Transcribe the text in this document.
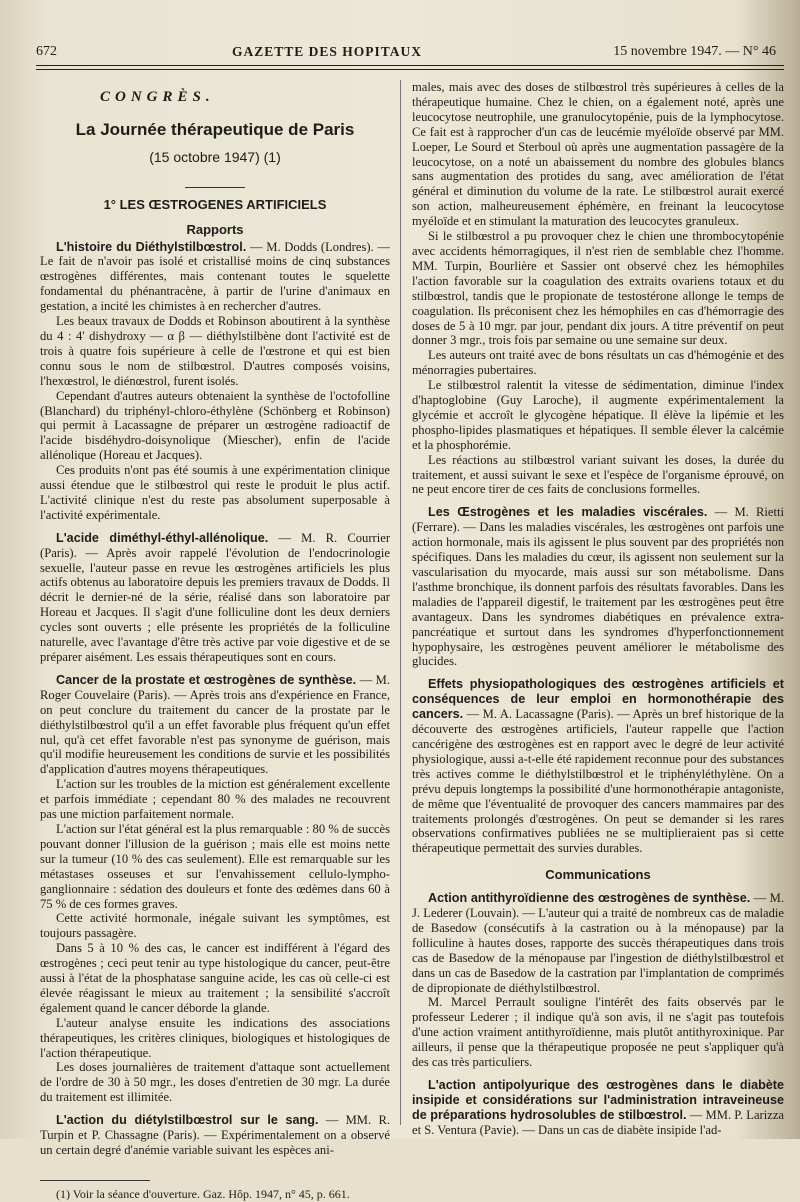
672	GAZETTE DES HOPITAUX	15 novembre 1947. — N° 46
CONGRÈS.
La Journée thérapeutique de Paris
(15 octobre 1947) (1)
1° LES ŒSTROGENES ARTIFICIELS
Rapports

L'histoire du Diéthylstilbœstrol. — M. Dodds (Londres). — Le fait de n'avoir pas isolé et cristallisé moins de cinq substances œstrogènes différentes, mais contenant toutes le squelette fondamental du phénantracène, à partir de l'urine d'animaux en gestation, a incité les chimistes à en rechercher d'autres.

Les beaux travaux de Dodds et Robinson aboutirent à la synthèse du 4 : 4' dishydroxy — α β — diéthylstilbène dont l'activité est de trois à quatre fois supérieure à celle de l'œstrone et qui est bien connu sous le nom de stilbœstrol. D'autres composés voisins, l'hexœstrol, le diénœstrol, furent isolés.

Cependant d'autres auteurs obtenaient la synthèse de l'octofolline (Blanchard) du triphényl-chloro-éthylène (Schönberg et Robinson) qui permit à Lacassagne de préparer un œstrogène radioactif de l'acide bisdéhydro-doisynolique (Miescher), enfin de l'acide allénolique (Horeau et Jacques).

Ces produits n'ont pas été soumis à une expérimentation clinique aussi étendue que le stilbœstrol qui reste le produit le plus actif. L'activité clinique n'est du reste pas absolument superposable à l'activité expérimentale.

L'acide diméthyl-éthyl-allénolique. — M. R. Courrier (Paris). — Après avoir rappelé l'évolution de l'endocrinologie sexuelle, l'auteur passe en revue les œstrogènes artificiels les plus actifs obtenus au laboratoire depuis les premiers travaux de Dodds. Il décrit le dernier-né de la série, réalisé dans son laboratoire par Horeau et Jacques. Il s'agit d'une folliculine dont les deux derniers cycles sont ouverts ; elle présente les propriétés de la folliculine naturelle, avec l'avantage d'être très active par voie digestive et de se préparer aisément. Les essais thérapeutiques sont en cours.

Cancer de la prostate et œstrogènes de synthèse. — M. Roger Couvelaire (Paris). — Après trois ans d'expérience en France, on peut conclure du traitement du cancer de la prostate par le diéthylstilbœstrol qu'il a un effet favorable plus fréquent qu'un effet nul, qu'à cet effet favorable n'est pas synonyme de guérison, mais qu'il modifie heureusement les conditions de survie et les possibilités d'application d'autres moyens thérapeutiques.

L'action sur les troubles de la miction est généralement excellente et parfois immédiate ; cependant 80 % des malades ne recouvrent pas une miction parfaitement normale.

L'action sur l'état général est la plus remarquable : 80 % de succès pouvant donner l'illusion de la guérison ; mais elle est moins nette sur la tumeur (10 % des cas seulement). Elle est remarquable sur les métastases osseuses et sur l'envahissement cellulo-lympho-ganglionnaire : sédation des douleurs et fonte des œdèmes dans 60 à 75 % de ces formes graves.

Cette activité hormonale, inégale suivant les symptômes, est toujours passagère.

Dans 5 à 10 % des cas, le cancer est indifférent à l'égard des œstrogènes ; ceci peut tenir au type histologique du cancer, peut-être aussi à l'état de la phosphatase sanguine acide, les cas où celle-ci est élevée réagissant le mieux au traitement ; la sensibilité s'accroît également quand le cancer déborde la glande.

L'auteur analyse ensuite les indications des associations thérapeutiques, les critères cliniques, biologiques et histologiques de l'action thérapeutique.

Les doses journalières de traitement d'attaque sont actuellement de l'ordre de 30 à 50 mgr., les doses d'entretien de 30 mgr. La durée du traitement est illimitée.

L'action du diétylstilbœstrol sur le sang. — MM. R. Turpin et P. Chassagne (Paris). — Expérimentalement on a observé un certain degré d'anémie variable suivant les espèces ani-

(1) Voir la séance d'ouverture. Gaz. Hôp. 1947, n° 45, p. 661.

males, mais avec des doses de stilbœstrol très supérieures à celles de la thérapeutique humaine. Chez le chien, on a également noté, après une leucocytose neutrophile, une granulocytopénie, puis de la lymphocytose. Ce fait est à rapprocher d'un cas de leucémie myéloïde observé par MM. Loeper, Le Sourd et Sterboul où après une augmentation passagère de la leucocytose, on a noté un abaissement du nombre des globules blancs sans augmentation des protides du sang, avec amélioration de l'état général et diminution du volume de la rate. Le stilbœstrol aurait exercé son action, malheureusement éphémère, en freinant la leucocytose myéloïde et en stimulant la maturation des leucocytes granuleux.

Si le stilbœstrol a pu provoquer chez le chien une thrombocytopénie avec accidents hémorragiques, il n'est rien de semblable chez l'homme. MM. Turpin, Bourlière et Sassier ont observé chez les hémophiles l'action favorable sur la coagulation des extraits ovariens totaux et du stilbœstrol, tandis que le propionate de testostérone allonge le temps de coagulation. Ils préconisent chez les hémophiles en cas d'hémorragie des doses de 5 à 10 mgr. par jour, pendant dix jours. A titre préventif on peut donner 3 mgr., trois fois par semaine ou une semaine sur deux.

Les auteurs ont traité avec de bons résultats un cas d'hémogénie et des ménorragies pubertaires.

Le stilbœstrol ralentit la vitesse de sédimentation, diminue l'index d'haptoglobine (Guy Laroche), il augmente expérimentalement la glycémie et accroît le glycogène hépatique. Il élève la lipémie et les phospho-lipides plasmatiques et hépatiques. Il semble élever la calcémie et la phosphorémie.

Les réactions au stilbœstrol variant suivant les doses, la durée du traitement, et aussi suivant le sexe et l'espèce de l'organisme éprouvé, on ne peut encore tirer de ces faits de conclusions formelles.

Les Œstrogènes et les maladies viscérales. — M. Rietti (Ferrare). — Dans les maladies viscérales, les œstrogènes ont parfois une action hormonale, mais ils agissent le plus souvent par des propriétés non spécifiques. Dans les maladies du cœur, ils agissent non seulement sur la vascularisation du myocarde, mais aussi sur son métabolisme. Dans l'asthme bronchique, ils donnent parfois des résultats favorables. Dans les maladies de l'appareil digestif, le traitement par les œstrogènes peut être avantageux. Dans les syndromes diabétiques en prévalence extra-pancréatique et surtout dans les syndromes d'hyperfonctionnement hypophysaire, les œstrogènes peuvent améliorer le métabolisme des glucides.

Effets physiopathologiques des œstrogènes artificiels et conséquences de leur emploi en hormonothérapie des cancers. — M. A. Lacassagne (Paris). — Après un bref historique de la découverte des œstrogènes artificiels, l'auteur rappelle que l'action cancérigène des œstrogènes est en rapport avec le degré de leur activité physiologique, aussi a-t-elle été rapidement reconnue pour des substances très actives comme le diéthylstilbœstrol et le triphényléthylène. On a prévu depuis longtemps la possibilité d'une hormonothérapie antagoniste, de même que l'éventualité de provoquer des cancers mammaires par des traitements prolongés d'œstrogènes. On peut se demander si les rares observations confirmatives publiées ne se multiplieraient pas si cette thérapeutique permettait des survies durables.

Communications

Action antithyroïdienne des œstrogènes de synthèse. — M. J. Lederer (Louvain). — L'auteur qui a traité de nombreux cas de maladie de Basedow (consécutifs à la castration ou à la ménopause) par la folliculine à hautes doses, rapporte des succès thérapeutiques dans trois cas de Basedow de la ménopause par l'ingestion de diéthylstilbœstrol et dans un cas de Basedow de la castration par l'implantation de comprimés de dipropionate de diéthylstilbœstrol.

M. Marcel Perrault souligne l'intérêt des faits observés par le professeur Lederer ; il indique qu'à son avis, il ne s'agit pas toutefois d'une action vraiment antithyroïdienne, mais plutôt antithyroxinique. Par ailleurs, il pense que la thérapeutique proposée ne peut s'appliquer qu'à des cas très particuliers.

L'action antipolyurique des œstrogènes dans le diabète insipide et considérations sur l'administration intraveineuse de préparations hydrosolubles de stilbœstrol. — MM. P. Larizza et S. Ventura (Pavie). — Dans un cas de diabète insipide l'ad-
